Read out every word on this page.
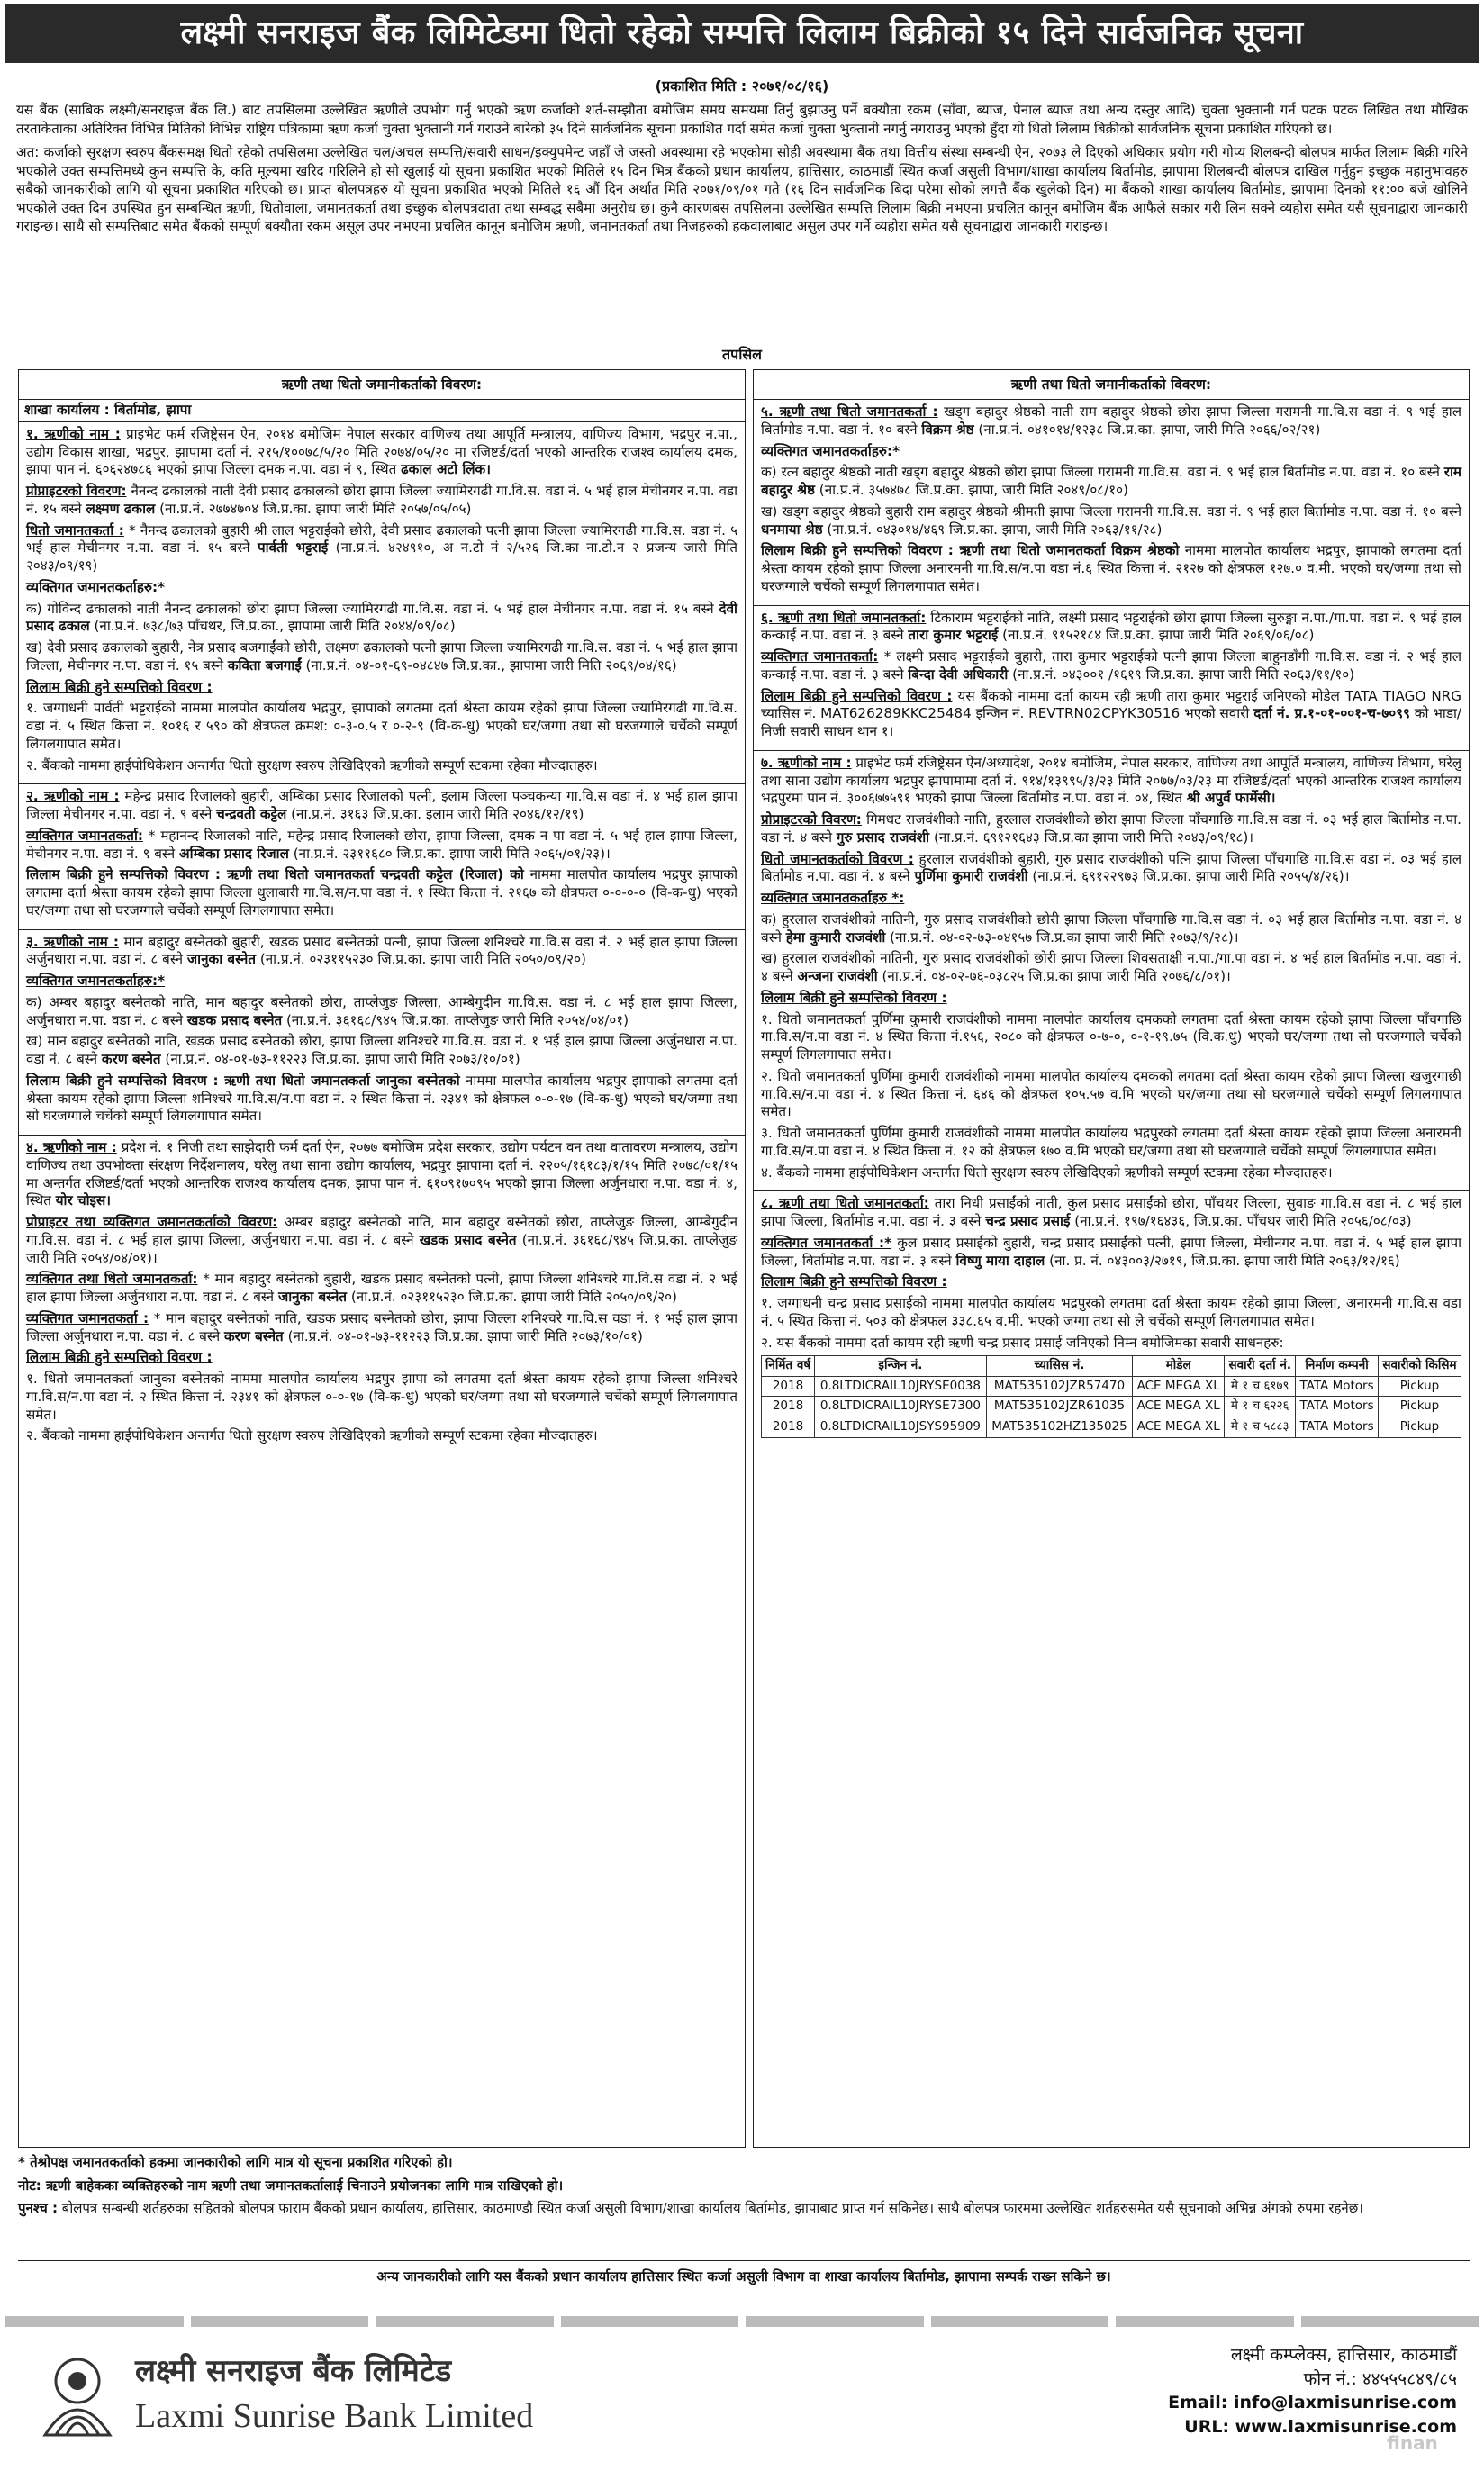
लक्ष्मी सनराइज बैंक लिमिटेडमा धितो रहेको सम्पत्ति लिलाम बिक्रीको १५ दिने सार्वजनिक सूचना
(प्रकाशित मिति : २०७१/०८/१६)

यस बैंक (साबिक लक्ष्मी/सनराइज बैंक लि.) बाट तपसिलमा उल्लेखित ऋणीले उपभोग गर्नु भएको ऋण कर्जाको शर्त-सम्झौता बमोजिम समय समयमा तिर्नु बुझाउनु पर्ने बक्यौता रकम (साँवा, ब्याज, पेनाल ब्याज तथा अन्य दस्तुर आदि) चुक्ता भुक्तानी गर्न पटक पटक लिखित तथा मौखिक तरताकेताका अतिरिक्त विभिन्न मितिको विभिन्न राष्ट्रिय पत्रिकामा ऋण कर्जा चुक्ता भुक्तानी गर्न गराउने बारेको ३५ दिने सार्वजनिक सूचना प्रकाशित गर्दा समेत कर्जा चुक्ता भुक्तानी नगर्नु नगराउनु भएको हुँदा यो धितो लिलाम बिक्रीको सार्वजनिक सूचना प्रकाशित गरिएको छ।

अत: कर्जाको सुरक्षण स्वरुप बैंकसमक्ष धितो रहेको तपसिलमा उल्लेखित चल/अचल सम्पत्ति/सवारी साधन/इक्युपमेन्ट जहाँ जे जस्तो अवस्थामा रहे भएकोमा सोही अवस्थामा बैंक तथा वित्तीय संस्था सम्बन्धी ऐन, २०७३ ले दिएको अधिकार प्रयोग गरी गोप्य शिलबन्दी बोलपत्र मार्फत लिलाम बिक्री गरिने भएकोले उक्त सम्पत्तिमध्ये कुन सम्पत्ति के, कति मूल्यमा खरिद गरिलिने हो सो खुलाई यो सूचना प्रकाशित भएको मितिले १५ दिन भित्र बैंकको प्रधान कार्यालय, हात्तिसार, काठमाडौं स्थित कर्जा असुली विभाग/शाखा कार्यालय बिर्तामोड, झापामा शिलबन्दी बोलपत्र दाखिल गर्नुहुन इच्छुक महानुभावहरु सबैको जानकारीको लागि यो सूचना प्रकाशित गरिएको छ। प्राप्त बोलपत्रहरु यो सूचना प्रकाशित भएको मितिले १६ औं दिन अर्थात मिति २०७१/०९/०१ गते (१६ दिन सार्वजनिक बिदा परेमा सोको लगत्तै बैंक खुलेको दिन) मा बैंकको शाखा कार्यालय बिर्तामोड, झापामा दिनको ११:०० बजे खोलिने भएकोले उक्त दिन उपस्थित हुन सम्बन्धित ऋणी, धितोवाला, जमानतकर्ता तथा इच्छुक बोलपत्रदाता तथा सम्बद्ध सबैमा अनुरोध छ। कुनै कारणबस तपसिलमा उल्लेखित सम्पत्ति लिलाम बिक्री नभएमा प्रचलित कानून बमोजिम बैंक आफैले सकार गरी लिन सक्ने व्यहोरा समेत यसै सूचनाद्वारा जानकारी गराइन्छ। साथै सो सम्पत्तिबाट समेत बैंकको सम्पूर्ण बक्यौता रकम असूल उपर नभएमा प्रचलित कानून बमोजिम ऋणी, जमानतकर्ता तथा निजहरुको हकवालाबाट असुल उपर गर्ने व्यहोरा समेत यसै सूचनाद्वारा जानकारी गराइन्छ।

तपसिल
ऋणी तथा धितो जमानीकर्ताको विवरण:
शाखा कार्यालय : बिर्तामोड, झापा

१. ऋणीको नाम : प्राइभेट फर्म रजिष्ट्रेसन ऐन, २०१४ बमोजिम नेपाल सरकार वाणिज्य तथा आपूर्ति मन्त्रालय, वाणिज्य विभाग, भद्रपुर न.पा., उद्योग विकास शाखा, भद्रपुर, झापामा दर्ता नं. २१५/१००७८/५/२० मिति २०७४/०५/२० मा रजिष्टर्ड/दर्ता भएको आन्तरिक राजश्व कार्यालय दमक, झापा पान नं. ६०६२४७८६ भएको झापा जिल्ला दमक न.पा. वडा नं ९, स्थित ढकाल अटो लिंक।

प्रोप्राइटरको विवरण: नैनन्द ढकालको नाती देवी प्रसाद ढकालको छोरा झापा जिल्ला ज्यामिरगढी गा.वि.स. वडा नं. ५ भई हाल मेचीनगर न.पा. वडा नं. १५ बस्ने लक्ष्मण ढकाल (ना.प्र.नं. २७७४७०४ जि.प्र.का. झापा जारी मिति २०५७/०५/०५)

धितो जमानतकर्ता : * नैनन्द ढकालको बुहारी श्री लाल भट्टराईको छोरी, देवी प्रसाद ढकालको पत्नी झापा जिल्ला ज्यामिरगढी गा.वि.स. वडा नं. ५ भई हाल मेचीनगर न.पा. वडा नं. १५ बस्ने पार्वती भट्टराई (ना.प्र.नं. ४२४९१०, अ न.टो नं २/५२६ जि.का ना.टो.न २ प्रजन्य जारी मिति २०४३/०९/१९)

व्यक्तिगत जमानतकर्ताहरु:*

क) गोविन्द ढकालको नाती नैनन्द ढकालको छोरा झापा जिल्ला ज्यामिरगढी गा.वि.स. वडा नं. ५ भई हाल मेचीनगर न.पा. वडा नं. १५ बस्ने देवी प्रसाद ढकाल (ना.प्र.नं. ७३८/७३ पाँचथर, जि.प्र.का., झापामा जारी मिति २०४४/०९/०८)

ख) देवी प्रसाद ढकालको बुहारी, नेत्र प्रसाद बजगाईंको छोरी, लक्ष्मण ढकालको पत्नी झापा जिल्ला ज्यामिरगढी गा.वि.स. वडा नं. ५ भई हाल झापा जिल्ला, मेचीनगर न.पा. वडा नं. १५ बस्ने कविता बजगाईं (ना.प्र.नं. ०४-०१-६९-०४८४७ जि.प्र.का., झापामा जारी मिति २०६९/०४/१६)

लिलाम बिक्री हुने सम्पत्तिको विवरण :

१. जग्गाधनी पार्वती भट्टराईको नाममा मालपोत कार्यालय भद्रपुर, झापाको लगतमा दर्ता श्रेस्ता कायम रहेको झापा जिल्ला ज्यामिरगढी गा.वि.स. वडा नं. ५ स्थित कित्ता नं. १०१६ र ५९० को क्षेत्रफल क्रमश: ०-३-०.५ र ०-२-९ (वि-क-धु) भएको घर/जग्गा तथा सो घरजग्गाले चर्चेको सम्पूर्ण लिगलगापात समेत।

२. बैंकको नाममा हाईपोथिकेशन अन्तर्गत धितो सुरक्षण स्वरुप लेखिदिएको ऋणीको सम्पूर्ण स्टकमा रहेका मौज्दातहरु।

२. ऋणीको नाम : महेन्द्र प्रसाद रिजालको बुहारी, अम्बिका प्रसाद रिजालको पत्नी, इलाम जिल्ला पञ्चकन्या गा.वि.स वडा नं. ४ भई हाल झापा जिल्ला मेचीनगर न.पा. वडा नं. ९ बस्ने चन्द्रवती कट्टेल (ना.प्र.नं. ३१६३ जि.प्र.का. इलाम जारी मिति २०४६/१२/१९)

व्यक्तिगत जमानतकर्ता: * महानन्द रिजालको नाति, महेन्द्र प्रसाद रिजालको छोरा, झापा जिल्ला, दमक न पा वडा नं. ५ भई हाल झापा जिल्ला, मेचीनगर न.पा. वडा नं. ९ बस्ने अम्बिका प्रसाद रिजाल (ना.प्र.नं. २३११६८० जि.प्र.का. झापा जारी मिति २०६५/०१/२३)।

लिलाम बिक्री हुने सम्पत्तिको विवरण : ऋणी तथा धितो जमानतकर्ता चन्द्रवती कट्टेल (रिजाल) को नाममा मालपोत कार्यालय भद्रपुर झापाको लगतमा दर्ता श्रेस्ता कायम रहेको झापा जिल्ला धुलाबारी गा.वि.स/न.पा वडा नं. १ स्थित कित्ता नं. २१६७ को क्षेत्रफल ०-०-०-० (वि-क-धु) भएको घर/जग्गा तथा सो घरजग्गाले चर्चेको सम्पूर्ण लिगलगापात समेत।

३. ऋणीको नाम : मान बहादुर बस्नेतको बुहारी, खडक प्रसाद बस्नेतको पत्नी, झापा जिल्ला शनिश्चरे गा.वि.स वडा नं. २ भई हाल झापा जिल्ला अर्जुनधारा न.पा. वडा नं. ८ बस्ने जानुका बस्नेत (ना.प्र.नं. ०२३११५२३० जि.प्र.का. झापा जारी मिति २०५०/०९/२०)

व्यक्तिगत जमानतकर्ताहरु:*

क) अम्बर बहादुर बस्नेतको नाति, मान बहादुर बस्नेतको छोरा, ताप्लेजुङ जिल्ला, आम्बेगुदीन गा.वि.स. वडा नं. ८ भई हाल झापा जिल्ला, अर्जुनधारा न.पा. वडा नं. ८ बस्ने खडक प्रसाद बस्नेत (ना.प्र.नं. ३६१६८/९४५ जि.प्र.का. ताप्लेजुङ जारी मिति २०५४/०४/०१)

ख) मान बहादुर बस्नेतको नाति, खडक प्रसाद बस्नेतको छोरा, झापा जिल्ला शनिश्चरे गा.वि.स. वडा नं. १ भई हाल झापा जिल्ला अर्जुनधारा न.पा. वडा नं. ८ बस्ने करण बस्नेत (ना.प्र.नं. ०४-०१-७३-११२२३ जि.प्र.का. झापा जारी मिति २०७३/१०/०१)

लिलाम बिक्री हुने सम्पत्तिको विवरण : ऋणी तथा धितो जमानतकर्ता जानुका बस्नेतको नाममा मालपोत कार्यालय भद्रपुर झापाको लगतमा दर्ता श्रेस्ता कायम रहेको झापा जिल्ला शनिश्चरे गा.वि.स/न.पा वडा नं. २ स्थित कित्ता नं. २३४१ को क्षेत्रफल ०-०-१७ (वि-क-धु) भएको घर/जग्गा तथा सो घरजग्गाले चर्चेको सम्पूर्ण लिगलगापात समेत।

४. ऋणीको नाम : प्रदेश नं. १ निजी तथा साझेदारी फर्म दर्ता ऐन, २०७७ बमोजिम प्रदेश सरकार, उद्योग पर्यटन वन तथा वातावरण मन्त्रालय, उद्योग वाणिज्य तथा उपभोक्ता संरक्षण निर्देशनालय, घरेलु तथा साना उद्योग कार्यालय, भद्रपुर झापामा दर्ता नं. २२०५/१६१८३/१/१५ मिति २०७८/०१/१५ मा अन्तर्गत रजिष्टर्ड/दर्ता भएको आन्तरिक राजश्व कार्यालय दमक, झापा पान नं. ६१०९१७०९५ भएको झापा जिल्ला अर्जुनधारा न.पा. वडा नं. ४, स्थित योर चोइस।

प्रोप्राइटर तथा व्यक्तिगत जमानतकर्ताको विवरण: अम्बर बहादुर बस्नेतको नाति, मान बहादुर बस्नेतको छोरा, ताप्लेजुङ जिल्ला, आम्बेगुदीन गा.वि.स. वडा नं. ८ भई हाल झापा जिल्ला, अर्जुनधारा न.पा. वडा नं. ८ बस्ने खडक प्रसाद बस्नेत (ना.प्र.नं. ३६१६८/९४५ जि.प्र.का. ताप्लेजुङ जारी मिति २०५४/०४/०१)।

व्यक्तिगत तथा धितो जमानतकर्ता: * मान बहादुर बस्नेतको बुहारी, खडक प्रसाद बस्नेतको पत्नी, झापा जिल्ला शनिश्चरे गा.वि.स वडा नं. २ भई हाल झापा जिल्ला अर्जुनधारा न.पा. वडा नं. ८ बस्ने जानुका बस्नेत (ना.प्र.नं. ०२३११५२३० जि.प्र.का. झापा जारी मिति २०५०/०९/२०)

व्यक्तिगत जमानतकर्ता : * मान बहादुर बस्नेतको नाति, खडक प्रसाद बस्नेतको छोरा, झापा जिल्ला शनिश्चरे गा.वि.स वडा नं. १ भई हाल झापा जिल्ला अर्जुनधारा न.पा. वडा नं. ८ बस्ने करण बस्नेत (ना.प्र.नं. ०४-०१-७३-११२२३ जि.प्र.का. झापा जारी मिति २०७३/१०/०१)

लिलाम बिक्री हुने सम्पत्तिको विवरण :

१. धितो जमानतकर्ता जानुका बस्नेतको नाममा मालपोत कार्यालय भद्रपुर झापा को लगतमा दर्ता श्रेस्ता कायम रहेको झापा जिल्ला शनिश्चरे गा.वि.स/न.पा वडा नं. २ स्थित कित्ता नं. २३४१ को क्षेत्रफल ०-०-१७ (वि-क-धु) भएको घर/जग्गा तथा सो घरजग्गाले चर्चेको सम्पूर्ण लिगलगापात समेत।

२. बैंकको नाममा हाईपोथिकेशन अन्तर्गत धितो सुरक्षण स्वरुप लेखिदिएको ऋणीको सम्पूर्ण स्टकमा रहेका मौज्दातहरु।

ऋणी तथा धितो जमानीकर्ताको विवरण:

५. ऋणी तथा धितो जमानतकर्ता : खड्ग बहादुर श्रेष्ठको नाती राम बहादुर श्रेष्ठको छोरा झापा जिल्ला गरामनी गा.वि.स वडा नं. ९ भई हाल बिर्तामोड न.पा. वडा नं. १० बस्ने विक्रम श्रेष्ठ (ना.प्र.नं. ०४१०१४/१२३८ जि.प्र.का. झापा, जारी मिति २०६६/०२/२१)

व्यक्तिगत जमानतकर्ताहरु:*

क) रत्न बहादुर श्रेष्ठको नाती खड्ग बहादुर श्रेष्ठको छोरा झापा जिल्ला गरामनी गा.वि.स. वडा नं. ९ भई हाल बिर्तामोड न.पा. वडा नं. १० बस्ने राम बहादुर श्रेष्ठ (ना.प्र.नं. ३५७४७८ जि.प्र.का. झापा, जारी मिति २०४९/०८/१०)

ख) खड्ग बहादुर श्रेष्ठको बुहारी राम बहादुर श्रेष्ठको श्रीमती झापा जिल्ला गरामनी गा.वि.स. वडा नं. ९ भई हाल बिर्तामोड न.पा. वडा नं. १० बस्ने धनमाया श्रेष्ठ (ना.प्र.नं. ०४३०१४/४६९ जि.प्र.का. झापा, जारी मिति २०६३/११/२८)

लिलाम बिक्री हुने सम्पत्तिको विवरण : ऋणी तथा धितो जमानतकर्ता विक्रम श्रेष्ठको नाममा मालपोत कार्यालय भद्रपुर, झापाको लगतमा दर्ता श्रेस्ता कायम रहेको झापा जिल्ला अनारमनी गा.वि.स/न.पा वडा नं.६ स्थित कित्ता नं. २१२७ को क्षेत्रफल १२७.० व.मी. भएको घर/जग्गा तथा सो घरजग्गाले चर्चेको सम्पूर्ण लिगलगापात समेत।

६. ऋणी तथा धितो जमानतकर्ता: टिकाराम भट्टराईको नाति, लक्ष्मी प्रसाद भट्टराईको छोरा झापा जिल्ला सुरुङ्गा न.पा./गा.पा. वडा नं. ९ भई हाल कन्काई न.पा. वडा नं. ३ बस्ने तारा कुमार भट्टराई (ना.प्र.नं. ९१५२१८४ जि.प्र.का. झापा जारी मिति २०६९/०६/०८)

व्यक्तिगत जमानतकर्ता: * लक्ष्मी प्रसाद भट्टराईको बुहारी, तारा कुमार भट्टराईको पत्नी झापा जिल्ला बाहुनडाँगी गा.वि.स. वडा नं. २ भई हाल कन्काई न.पा. वडा नं. ३ बस्ने बिन्दा देवी अधिकारी (ना.प्र.नं. ०४३००१ /१६१९ जि.प्र.का. झापा जारी मिति २०६३/११/१०)

लिलाम बिक्री हुने सम्पत्तिको विवरण : यस बैंकको नाममा दर्ता कायम रही ऋणी तारा कुमार भट्टराई जनिएको मोडेल TATA TIAGO NRG च्यासिस नं. MAT626289KKC25484 इन्जिन नं. REVTRN02CPYK30516 भएको सवारी दर्ता नं. प्र.१-०१-००१-च-७०९९ को भाडा/निजी सवारी साधन थान १।

७. ऋणीको नाम : प्राइभेट फर्म रजिष्ट्रेसन ऐन/अध्यादेश, २०१४ बमोजिम, नेपाल सरकार, वाणिज्य तथा आपूर्ति मन्त्रालय, वाणिज्य विभाग, घरेलु तथा साना उद्योग कार्यालय भद्रपुर झापामामा दर्ता नं. ९१४/१३९९५/३/२३ मिति २०७७/०३/२३ मा रजिष्टर्ड/दर्ता भएको आन्तरिक राजश्व कार्यालय भद्रपुरमा पान नं. ३००६७७५९१ भएको झापा जिल्ला बिर्तामोड न.पा. वडा नं. ०४, स्थित श्री अपुर्व फार्मेसी।

प्रोप्राइटरको विवरण: गिमधट राजवंशीको नाति, हुरलाल राजवंशीको छोरा झापा जिल्ला पाँचगाछि गा.वि.स वडा नं. ०३ भई हाल बिर्तामोड न.पा. वडा नं. ४ बस्ने गुरु प्रसाद राजवंशी (ना.प्र.नं. ६९१२१६४३ जि.प्र.का झापा जारी मिति २०४३/०९/१८)।

धितो जमानतकर्ताको विवरण : हुरलाल राजवंशीको बुहारी, गुरु प्रसाद राजवंशीको पत्नि झापा जिल्ला पाँचगाछि गा.वि.स वडा नं. ०३ भई हाल बिर्तामोड न.पा. वडा नं. ४ बस्ने पुर्णिमा कुमारी राजवंशी (ना.प्र.नं. ६९१२२९७३ जि.प्र.का. झापा जारी मिति २०५५/४/२६)।

व्यक्तिगत जमानतकर्ताहरु *:

क) हुरलाल राजवंशीको नातिनी, गुरु प्रसाद राजवंशीको छोरी झापा जिल्ला पाँचगाछि गा.वि.स वडा नं. ०३ भई हाल बिर्तामोड न.पा. वडा नं. ४ बस्ने हेमा कुमारी राजवंशी (ना.प्र.नं. ०४-०२-७३-०४१५७ जि.प्र.का झापा जारी मिति २०७३/९/२८)।

ख) हुरलाल राजवंशीको नातिनी, गुरु प्रसाद राजवंशीको छोरी झापा जिल्ला शिवसताक्षी न.पा./गा.पा वडा नं. ४ भई हाल बिर्तामोड न.पा. वडा नं. ४ बस्ने अन्जना राजवंशी (ना.प्र.नं. ०४-०२-७६-०३८२५ जि.प्र.का झापा जारी मिति २०७६/८/०१)।

लिलाम बिक्री हुने सम्पत्तिको विवरण :

१. धितो जमानतकर्ता पुर्णिमा कुमारी राजवंशीको नाममा मालपोत कार्यालय दमकको लगतमा दर्ता श्रेस्ता कायम रहेको झापा जिल्ला पाँचगाछि गा.वि.स/न.पा वडा नं. ४ स्थित कित्ता नं.१५६, २०८० को क्षेत्रफल ०-७-०, ०-१-१९.७५ (वि.क.धु) भएको घर/जग्गा तथा सो घरजग्गाले चर्चेको सम्पूर्ण लिगलगापात समेत।

२. धितो जमानतकर्ता पुर्णिमा कुमारी राजवंशीको नाममा मालपोत कार्यालय दमकको लगतमा दर्ता श्रेस्ता कायम रहेको झापा जिल्ला खजुरगाछी गा.वि.स/न.पा वडा नं. ४ स्थित कित्ता नं. ६४६ को क्षेत्रफल १०५.५७ व.मि भएको घर/जग्गा तथा सो घरजग्गाले चर्चेको सम्पूर्ण लिगलगापात समेत।

३. धितो जमानतकर्ता पुर्णिमा कुमारी राजवंशीको नाममा मालपोत कार्यालय भद्रपुरको लगतमा दर्ता श्रेस्ता कायम रहेको झापा जिल्ला अनारमनी गा.वि.स/न.पा वडा नं. ४ स्थित कित्ता नं. १२ को क्षेत्रफल १७० व.मि भएको घर/जग्गा तथा सो घरजग्गाले चर्चेको सम्पूर्ण लिगलगापात समेत।

४. बैंकको नाममा हाईपोथिकेशन अन्तर्गत धितो सुरक्षण स्वरुप लेखिदिएको ऋणीको सम्पूर्ण स्टकमा रहेका मौज्दातहरु।

८. ऋणी तथा धितो जमानतकर्ता: तारा निधी प्रसाईंको नाती, कुल प्रसाद प्रसाईंको छोरा, पाँचथर जिल्ला, सुवाङ गा.वि.स वडा नं. ८ भई हाल झापा जिल्ला, बिर्तामोड न.पा. वडा नं. ३ बस्ने चन्द्र प्रसाद प्रसाई (ना.प्र.नं. १९७/१६४३६, जि.प्र.का. पाँचथर जारी मिति २०५६/०८/०३)

व्यक्तिगत जमानतकर्ता :* कुल प्रसाद प्रसाईंको बुहारी, चन्द्र प्रसाद प्रसाईंको पत्नी, झापा जिल्ला, मेचीनगर न.पा. वडा नं. ५ भई हाल झापा जिल्ला, बिर्तामोड न.पा. वडा नं. ३ बस्ने विष्णु माया दाहाल (ना. प्र. नं. ०४३००३/२७१९, जि.प्र.का. झापा जारी मिति २०६३/१२/१६)

लिलाम बिक्री हुने सम्पत्तिको विवरण :

१. जग्गाधनी चन्द्र प्रसाद प्रसाईको नाममा मालपोत कार्यालय भद्रपुरको लगतमा दर्ता श्रेस्ता कायम रहेको झापा जिल्ला, अनारमनी गा.वि.स वडा नं. ५ स्थित कित्ता नं. ५०३ को क्षेत्रफल ३३८.६५ व.मी. भएको जग्गा तथा सो ले चर्चेको सम्पूर्ण लिगलगापात समेत।

२. यस बैंकको नाममा दर्ता कायम रही ऋणी चन्द्र प्रसाद प्रसाई जनिएको निम्न बमोजिमका सवारी साधनहरु:

निर्मित वर्ष	इन्जिन नं.	च्यासिस नं.	मोडेल	सवारी दर्ता नं.	निर्माण कम्पनी	सवारीको किसिम
2018	0.8LTDICRAIL10JRYSE0038	MAT535102JZR57470	ACE MEGA XL	मे १ च ६१७९	TATA Motors	Pickup
2018	0.8LTDICRAIL10JRYSE7300	MAT535102JZR61035	ACE MEGA XL	मे १ च ६२२६	TATA Motors	Pickup
2018	0.8LTDICRAIL10JSYS95909	MAT535102HZ135025	ACE MEGA XL	मे १ च ५८८३	TATA Motors	Pickup

* तेश्रोपक्ष जमानतकर्ताको हकमा जानकारीको लागि मात्र यो सूचना प्रकाशित गरिएको हो।

नोट: ऋणी बाहेकका व्यक्तिहरुको नाम ऋणी तथा जमानतकर्तालाई चिनाउने प्रयोजनका लागि मात्र राखिएको हो।

पुनश्च : बोलपत्र सम्बन्धी शर्तहरुका सहितको बोलपत्र फाराम बैंकको प्रधान कार्यालय, हात्तिसार, काठमाण्डौ स्थित कर्जा असुली विभाग/शाखा कार्यालय बिर्तामोड, झापाबाट प्राप्त गर्न सकिनेछ। साथै बोलपत्र फारममा उल्लेखित शर्तहरुसमेत यसै सूचनाको अभिन्न अंगको रुपमा रहनेछ।

अन्य जानकारीको लागि यस बैंकको प्रधान कार्यालय हात्तिसार स्थित कर्जा असुली विभाग वा शाखा कार्यालय बिर्तामोड, झापामा सम्पर्क राख्न सकिने छ।
लक्ष्मी सनराइज बैंक लिमिटेड
Laxmi Sunrise Bank Limited
लक्ष्मी कम्प्लेक्स, हात्तिसार, काठमाडौं
फोन नं.: ४४५५५८४९/८५
Email: info@laxmisunrise.com
URL: www.laxmisunrise.com
finan
